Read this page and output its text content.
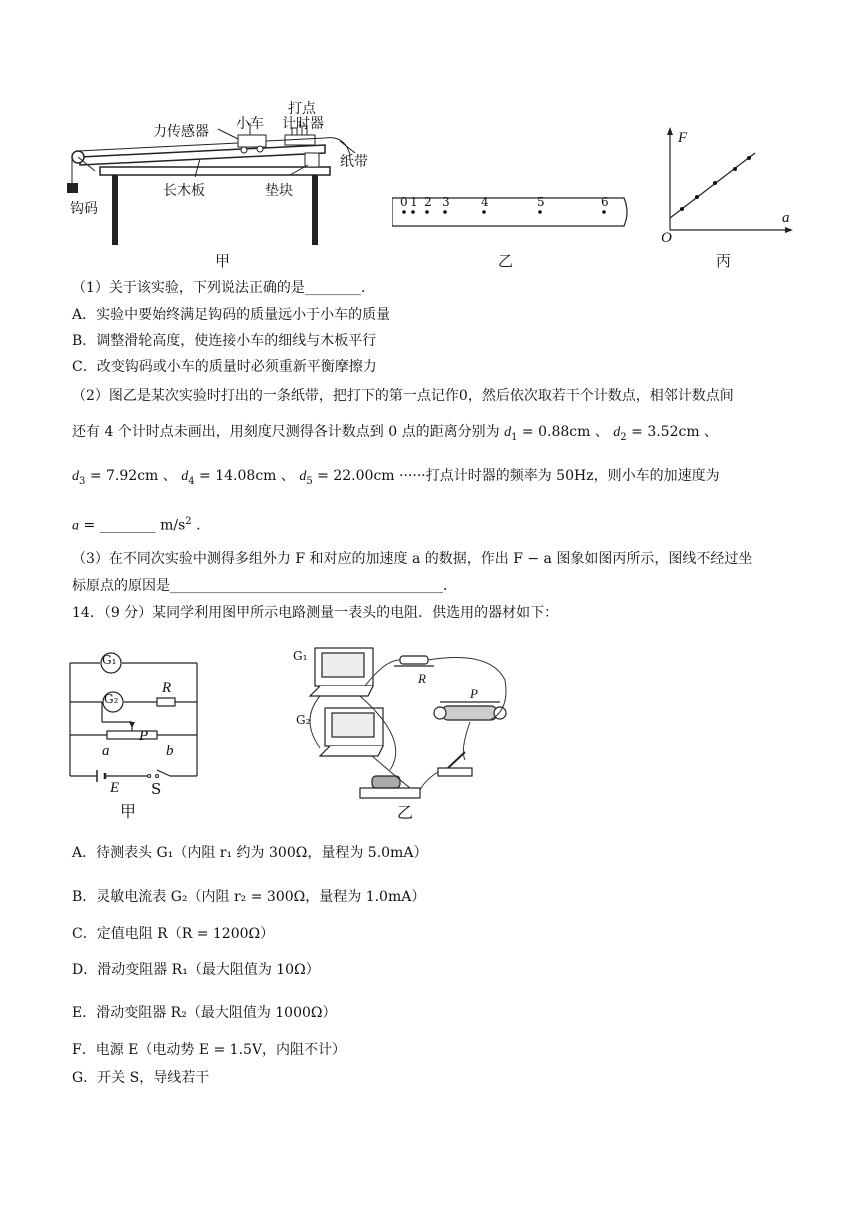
力传感器 小车
打点
计时器
纸带
长木板	垫块
钩码
甲
0 1 2 3	4	5	6
乙
F
a
O
丙
（1）关于该实验，下列说法正确的是________.
A．实验中要始终满足钩码的质量远小于小车的质量
B．调整滑轮高度，使连接小车的细线与木板平行
C．改变钩码或小车的质量时必须重新平衡摩擦力
（2）图乙是某次实验时打出的一条纸带，把打下的第一点记作0，然后依次取若干个计数点，相邻计数点间
还有 4 个计时点未画出，用刻度尺测得各计数点到 0 点的距离分别为 $d_1 = 0.88cm$ 、 $d_2 = 3.52cm$ 、
$d_3 = 7.92cm$ 、 $d_4 = 14.08cm$ 、 $d_5 = 22.00cm$ ······打点计时器的频率为 50Hz，则小车的加速度为
a = ________ $m/s^2$ .
（3）在不同次实验中测得多组外力 F 和对应的加速度 a 的数据，作出 F − a 图象如图丙所示，图线不经过坐
标原点的原因是_______________________________________.
14．（9 分）某同学利用图甲所示电路测量一表头的电阻．供选用的器材如下：
G₁
G₂
R
P
a	b
E S
甲
G₁
G₂
R
P
乙
A．待测表头 G₁（内阻 r₁ 约为 300Ω，量程为 5.0mA）
B．灵敏电流表 G₂（内阻 r₂ = 300Ω，量程为 1.0mA）
C．定值电阻 R（R = 1200Ω）
D．滑动变阻器 R₁（最大阻值为 10Ω）
E．滑动变阻器 R₂（最大阻值为 1000Ω）
F．电源 E（电动势 E = 1.5V，内阻不计）
G．开关 S，导线若干
